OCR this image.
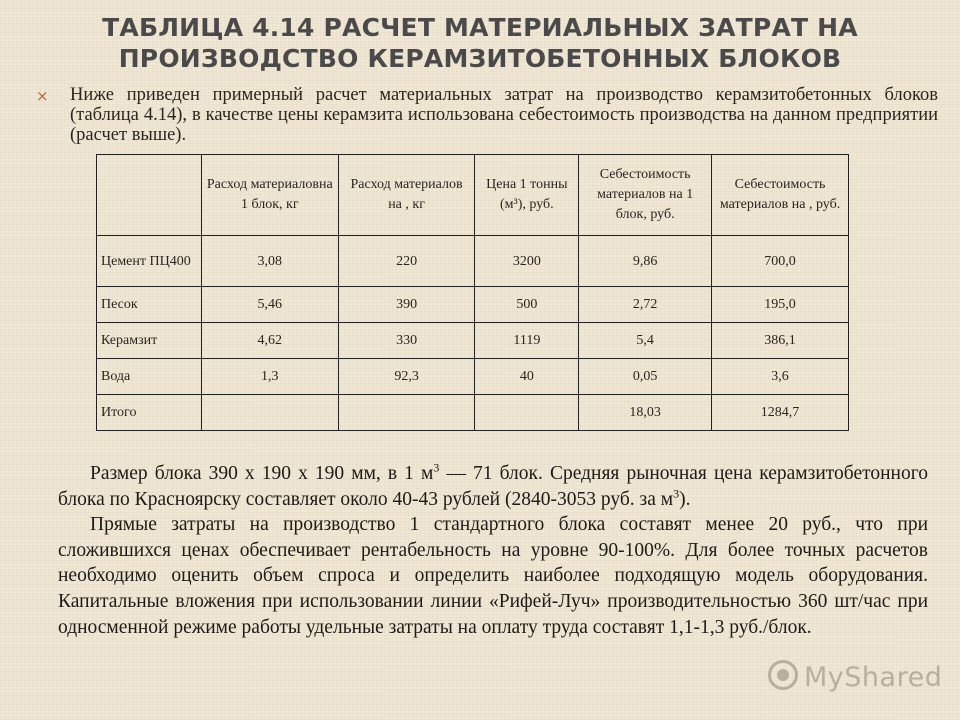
ТАБЛИЦА 4.14 РАСЧЕТ МАТЕРИАЛЬНЫХ ЗАТРАТ НА ПРОИЗВОДСТВО КЕРАМЗИТОБЕТОННЫХ БЛОКОВ
× Ниже приведен примерный расчет материальных затрат на производство керамзитобетонных блоков (таблица 4.14), в качестве цены керамзита использована себестоимость производства на данном предприятии (расчет выше).

	Расход материаловна 1 блок, кг	Расход материалов на , кг	Цена 1 тонны (м³), руб.	Себестоимость материалов на 1 блок, руб.	Себестоимость материалов на , руб.
Цемент ПЦ400	3,08	220	3200	9,86	700,0
Песок	5,46	390	500	2,72	195,0
Керамзит	4,62	330	1119	5,4	386,1
Вода	1,3	92,3	40	0,05	3,6
Итого				18,03	1284,7

Размер блока 390 х 190 х 190 мм, в 1 $м^3$ — 71 блок. Средняя рыночная цена керамзитобетонного блока по Красноярску составляет около 40-43 рублей (2840-3053 руб. за $м^3$).

Прямые затраты на производство 1 стандартного блока составят менее 20 руб., что при сложившихся ценах обеспечивает рентабельность на уровне 90-100%. Для более точных расчетов необходимо оценить объем спроса и определить наиболее подходящую модель оборудования. Капитальные вложения при использовании линии «Рифей-Луч» производительностью 360 шт/час при односменной режиме работы удельные затраты на оплату труда составят 1,1-1,3 руб./блок.

MyShared
